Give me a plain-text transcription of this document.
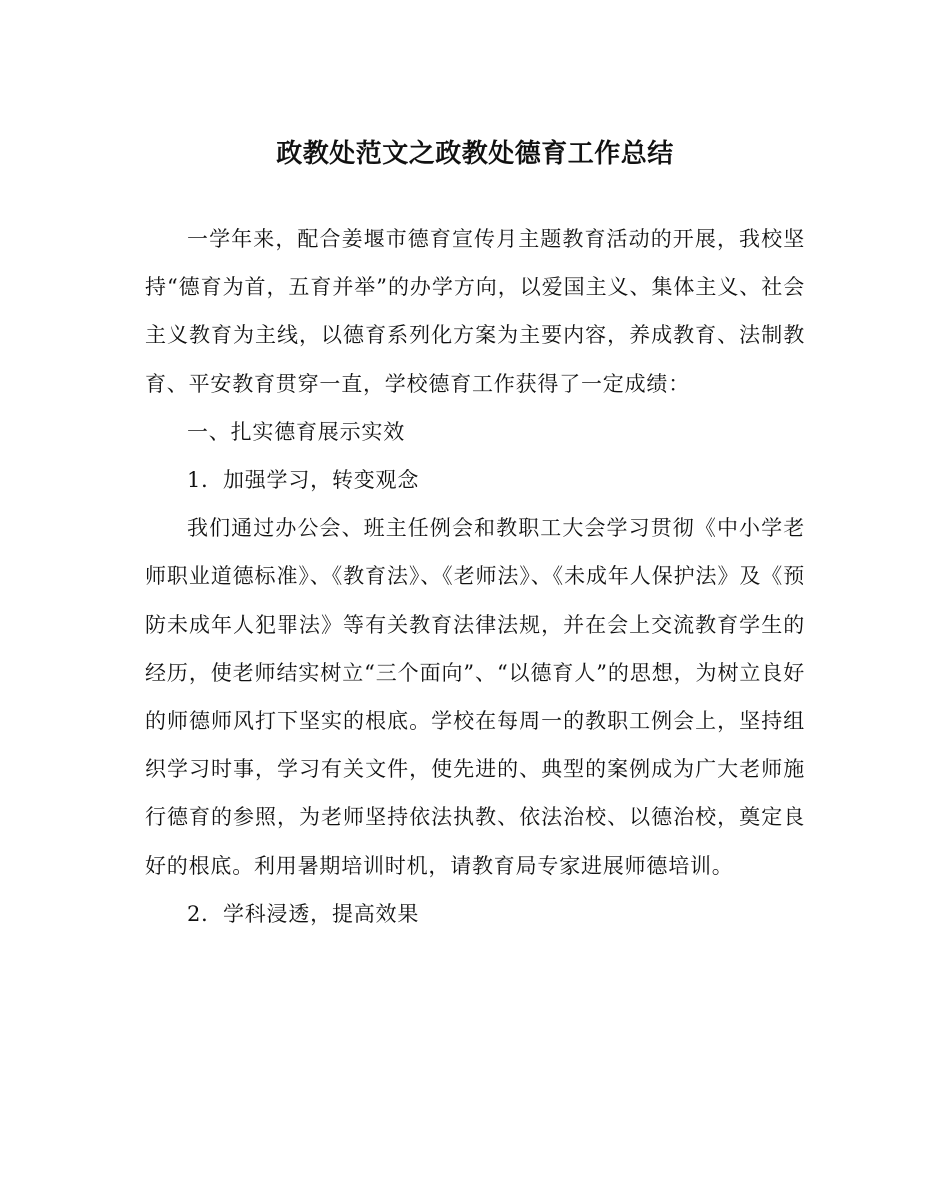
政教处范文之政教处德育工作总结

一学年来，配合姜堰市德育宣传月主题教育活动的开展，我校坚持“德育为首，五育并举”的办学方向，以爱国主义、集体主义、社会主义教育为主线，以德育系列化方案为主要内容，养成教育、法制教育、平安教育贯穿一直，学校德育工作获得了一定成绩：

一、扎实德育展示实效

1．加强学习，转变观念

我们通过办公会、班主任例会和教职工大会学习贯彻《中小学老师职业道德标准》、《教育法》、《老师法》、《未成年人保护法》及《预防未成年人犯罪法》等有关教育法律法规，并在会上交流教育学生的经历，使老师结实树立“三个面向”、“以德育人”的思想，为树立良好的师德师风打下坚实的根底。学校在每周一的教职工例会上，坚持组织学习时事，学习有关文件，使先进的、典型的案例成为广大老师施行德育的参照，为老师坚持依法执教、依法治校、以德治校，奠定良好的根底。利用暑期培训时机，请教育局专家进展师德培训。

2．学科浸透，提高效果
